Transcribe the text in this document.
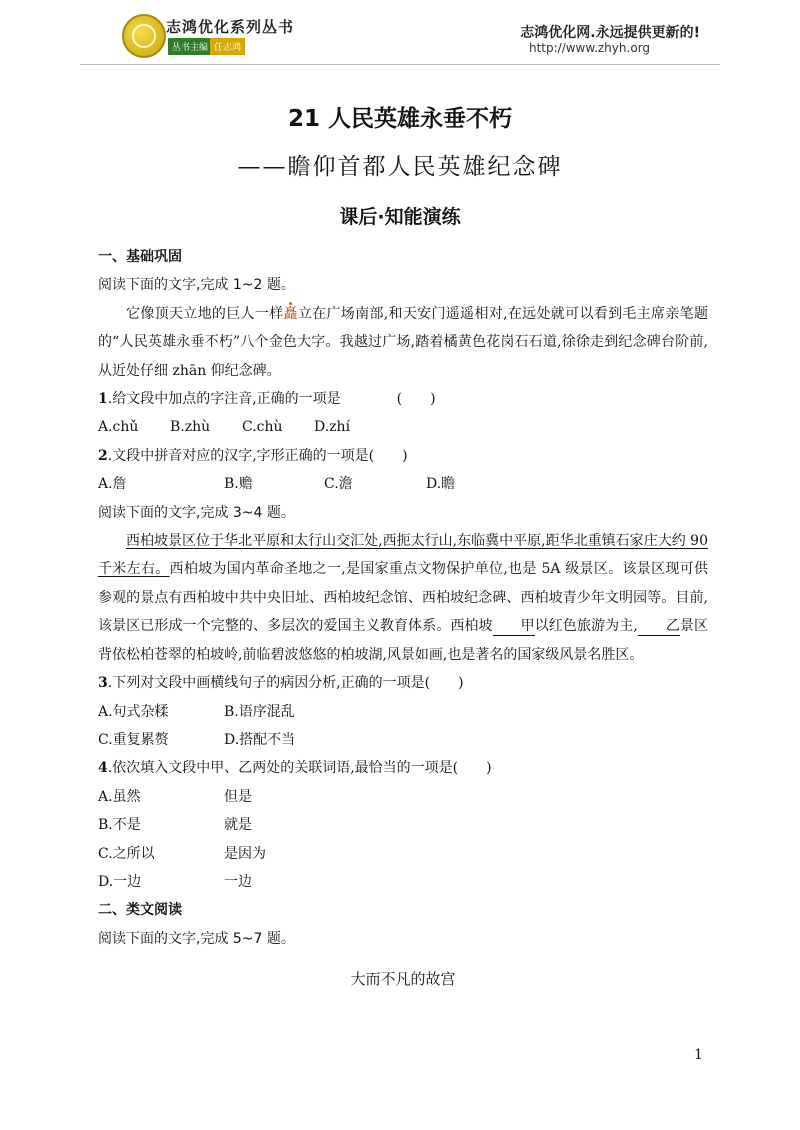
志鸿优化系列丛书
丛书主编 任志鸿
志鸿优化网.永远提供更新的!
http://www.zhyh.org
21 人民英雄永垂不朽
——瞻仰首都人民英雄纪念碑
课后·知能演练
一、基础巩固
阅读下面的文字,完成 1~2 题。
它像顶天立地的巨人一样矗立在广场南部,和天安门遥遥相对,在远处就可以看到毛主席亲笔题的“人民英雄永垂不朽”八个金色大字。我越过广场,踏着橘黄色花岗石石道,徐徐走到纪念碑台阶前,从近处仔细 zhān 仰纪念碑。
1.给文段中加点的字注音,正确的一项是	(　　)
A.chǔ	B.zhù	C.chù	D.zhí
2.文段中拼音对应的汉字,字形正确的一项是(　　)
A.詹	B.赡	C.澹	D.瞻
阅读下面的文字,完成 3~4 题。
西柏坡景区位于华北平原和太行山交汇处,西扼太行山,东临冀中平原,距华北重镇石家庄大约 90 千米左右。西柏坡为国内革命圣地之一,是国家重点文物保护单位,也是 5A 级景区。该景区现可供参观的景点有西柏坡中共中央旧址、西柏坡纪念馆、西柏坡纪念碑、西柏坡青少年文明园等。目前,该景区已形成一个完整的、多层次的爱国主义教育体系。西柏坡 甲以红色旅游为主, 乙景区背依松柏苍翠的柏坡岭,前临碧波悠悠的柏坡湖,风景如画,也是著名的国家级风景名胜区。
3.下列对文段中画横线句子的病因分析,正确的一项是(　　)
A.句式杂糅	B.语序混乱
C.重复累赘	D.搭配不当
4.依次填入文段中甲、乙两处的关联词语,最恰当的一项是(　　)
A.虽然	但是
B.不是	就是
C.之所以	是因为
D.一边	一边
二、类文阅读
阅读下面的文字,完成 5~7 题。
大而不凡的故宫
1
